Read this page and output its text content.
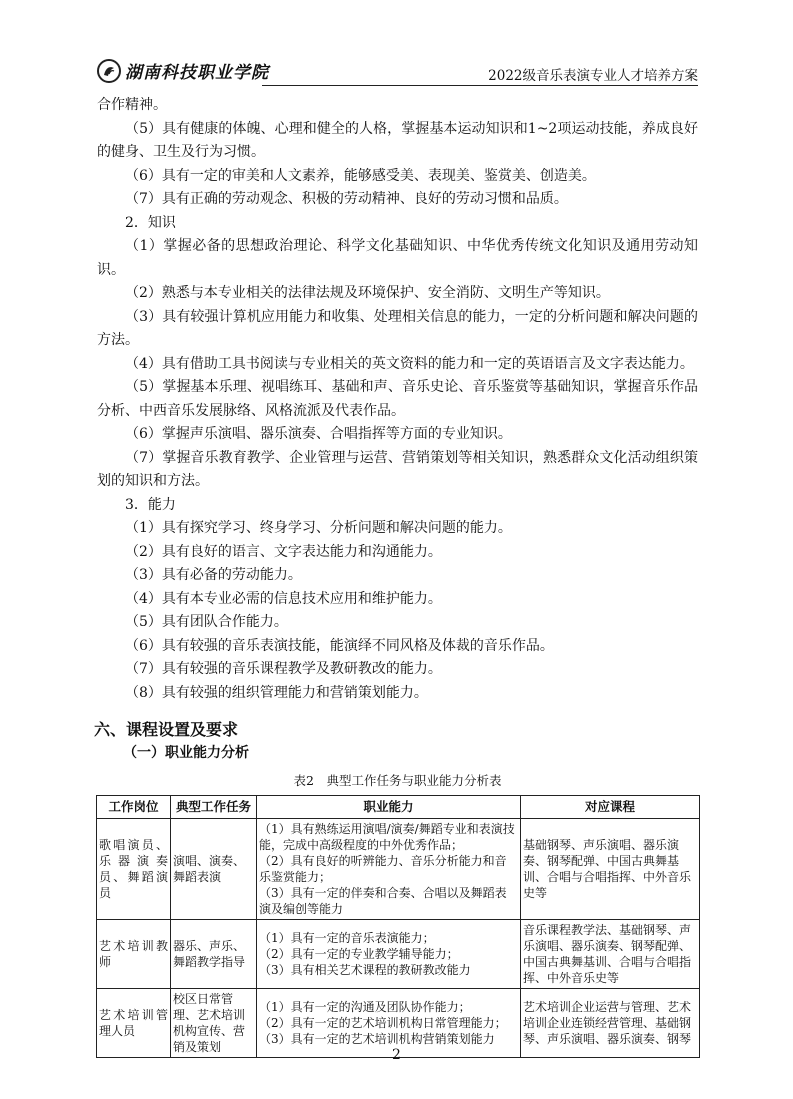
湖南科技职业学院	2022级音乐表演专业人才培养方案

合作精神。

（5）具有健康的体魄、心理和健全的人格，掌握基本运动知识和1~2项运动技能，养成良好的健身、卫生及行为习惯。

（6）具有一定的审美和人文素养，能够感受美、表现美、鉴赏美、创造美。

（7）具有正确的劳动观念、积极的劳动精神、良好的劳动习惯和品质。

2．知识

（1）掌握必备的思想政治理论、科学文化基础知识、中华优秀传统文化知识及通用劳动知识。

（2）熟悉与本专业相关的法律法规及环境保护、安全消防、文明生产等知识。

（3）具有较强计算机应用能力和收集、处理相关信息的能力，一定的分析问题和解决问题的方法。

（4）具有借助工具书阅读与专业相关的英文资料的能力和一定的英语语言及文字表达能力。

（5）掌握基本乐理、视唱练耳、基础和声、音乐史论、音乐鉴赏等基础知识，掌握音乐作品分析、中西音乐发展脉络、风格流派及代表作品。

（6）掌握声乐演唱、器乐演奏、合唱指挥等方面的专业知识。

（7）掌握音乐教育教学、企业管理与运营、营销策划等相关知识，熟悉群众文化活动组织策划的知识和方法。

3．能力

（1）具有探究学习、终身学习、分析问题和解决问题的能力。

（2）具有良好的语言、文字表达能力和沟通能力。

（3）具有必备的劳动能力。

（4）具有本专业必需的信息技术应用和维护能力。

（5）具有团队合作能力。

（6）具有较强的音乐表演技能，能演绎不同风格及体裁的音乐作品。

（7）具有较强的音乐课程教学及教研教改的能力。

（8）具有较强的组织管理能力和营销策划能力。

六、课程设置及要求
（一）职业能力分析
表2　典型工作任务与职业能力分析表
工作岗位	典型工作任务	职业能力	对应课程
歌唱演员、乐器演奏员、舞蹈演员	演唱、演奏、舞蹈表演	（1）具有熟练运用演唱/演奏/舞蹈专业和表演技能，完成中高级程度的中外优秀作品；
（2）具有良好的听辨能力、音乐分析能力和音乐鉴赏能力；
（3）具有一定的伴奏和合奏、合唱以及舞蹈表演及编创等能力	基础钢琴、声乐演唱、器乐演奏、钢琴配弹、中国古典舞基训、合唱与合唱指挥、中外音乐史等
艺术培训教师	器乐、声乐、舞蹈教学指导	（1）具有一定的音乐表演能力；
（2）具有一定的专业教学辅导能力；
（3）具有相关艺术课程的教研教改能力	音乐课程教学法、基础钢琴、声乐演唱、器乐演奏、钢琴配弹、中国古典舞基训、合唱与合唱指挥、中外音乐史等
艺术培训管理人员	校区日常管理、艺术培训机构宣传、营销及策划	（1）具有一定的沟通及团队协作能力；
（2）具有一定的艺术培训机构日常管理能力；
（3）具有一定的艺术培训机构营销策划能力	艺术培训企业运营与管理、艺术培训企业连锁经营管理、基础钢琴、声乐演唱、器乐演奏、钢琴
2
